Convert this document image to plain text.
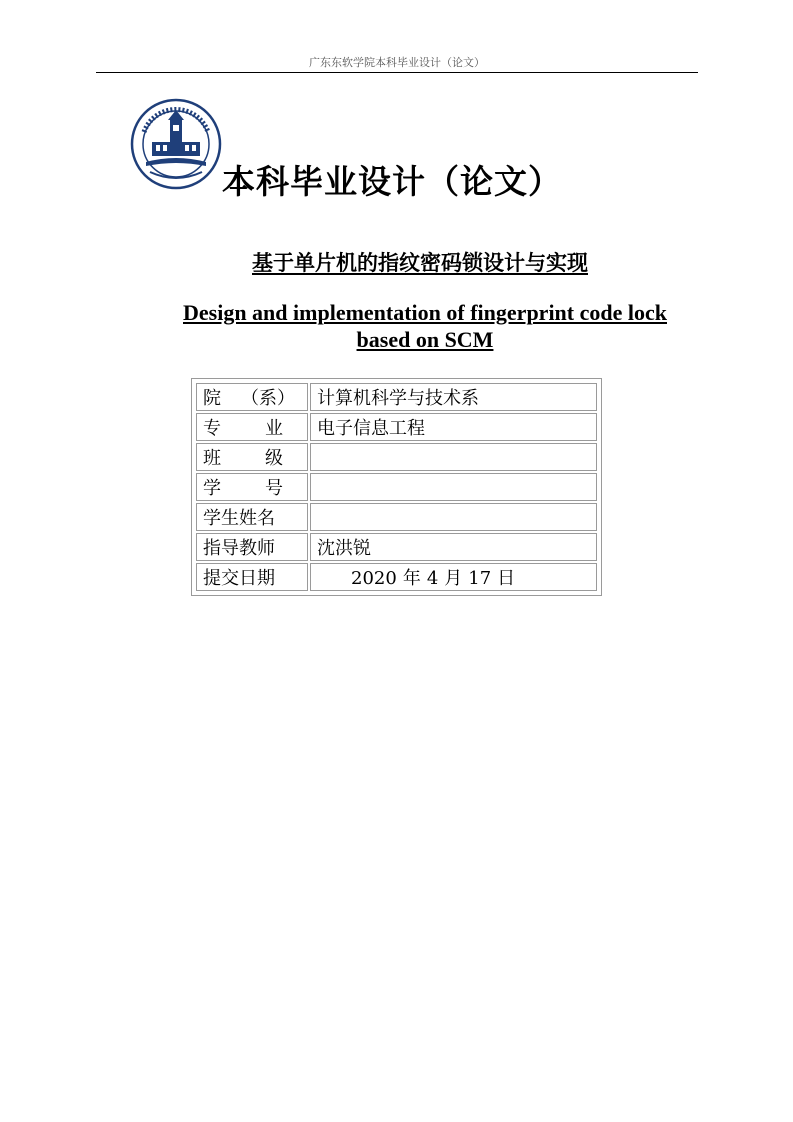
广东东软学院本科毕业设计（论文）
本科毕业设计（论文）
基于单片机的指纹密码锁设计与实现
Design and implementation of fingerprint code lock
based on SCM
院 （系）	计算机科学与技术系

专 业	电子信息工程

班 级	

学 号	

学生姓名	
指导教师	沈洪锐
提交日期	2020 年 4 月 17 日
